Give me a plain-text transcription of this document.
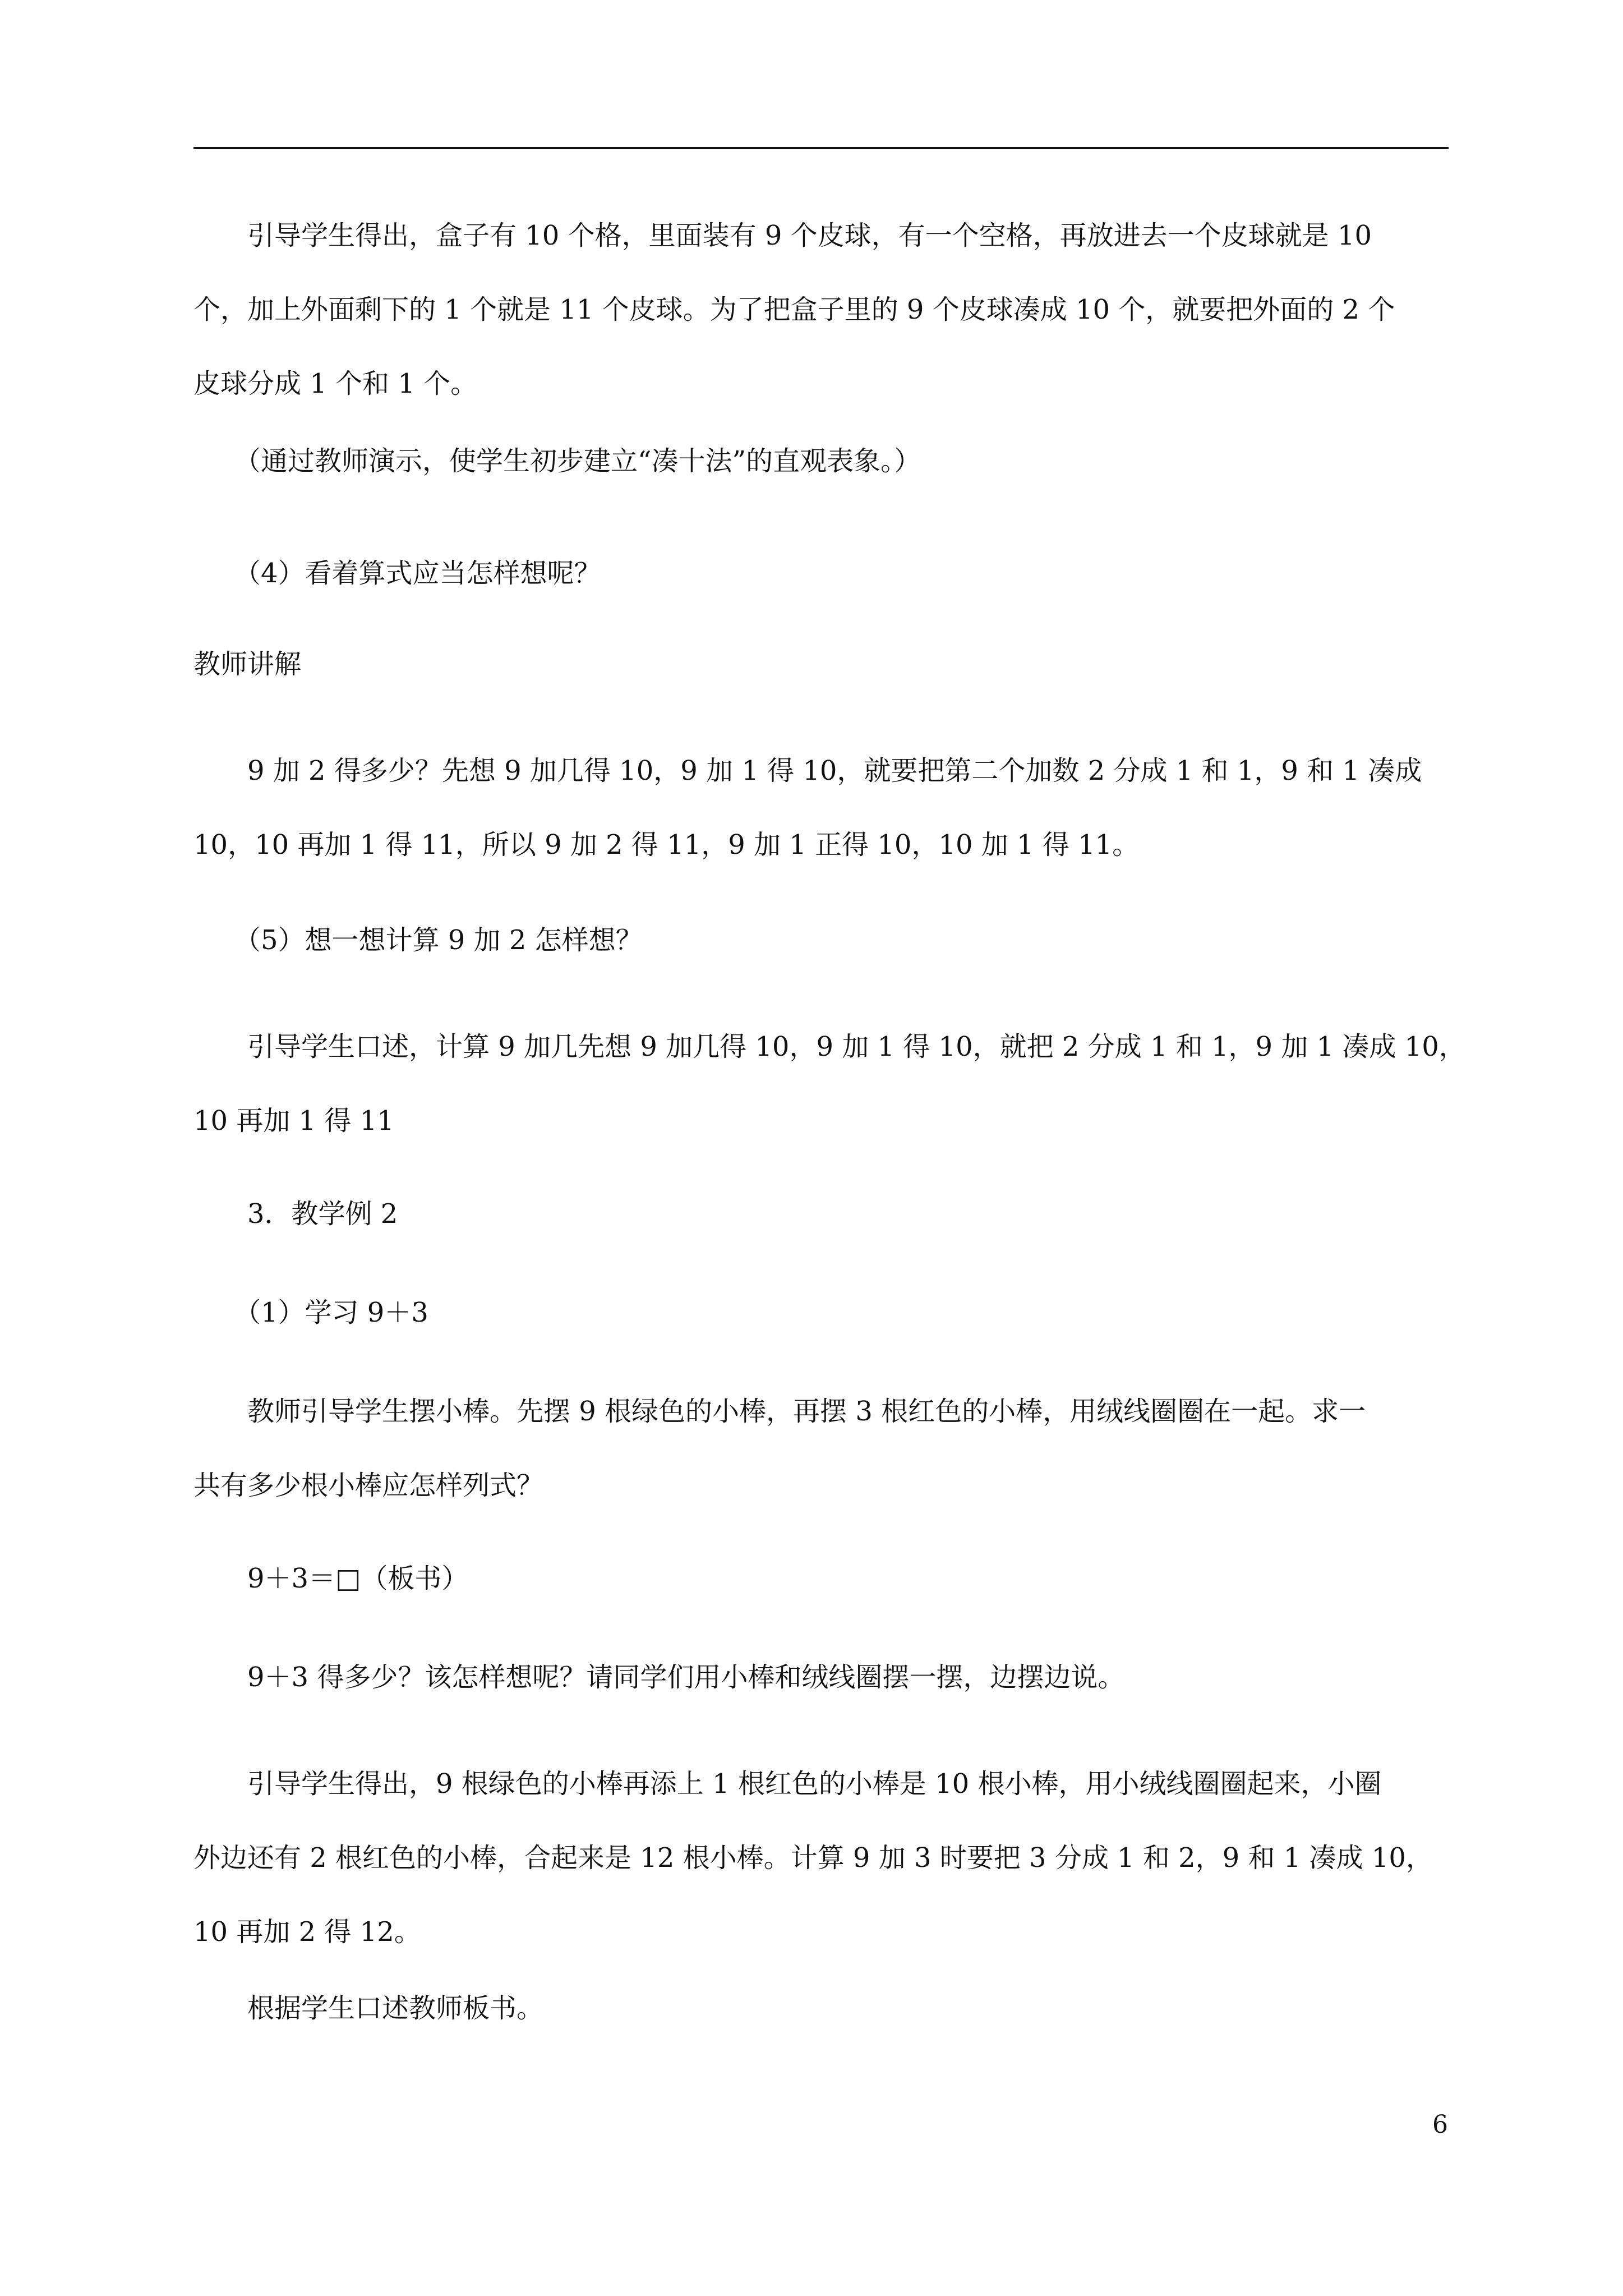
　　引导学生得出，盒子有 10 个格，里面装有 9 个皮球，有一个空格，再放进去一个皮球就是 10
个，加上外面剩下的 1 个就是 11 个皮球。为了把盒子里的 9 个皮球凑成 10 个，就要把外面的 2 个
皮球分成 1 个和 1 个。

　　（通过教师演示，使学生初步建立“凑十法”的直观表象。）

　　（4）看着算式应当怎样想呢？

教师讲解

　　9 加 2 得多少？先想 9 加几得 10，9 加 1 得 10，就要把第二个加数 2 分成 1 和 1，9 和 1 凑成
10，10 再加 1 得 11，所以 9 加 2 得 11，9 加 1 正得 10，10 加 1 得 11。

　　（5）想一想计算 9 加 2 怎样想？

　　引导学生口述，计算 9 加几先想 9 加几得 10，9 加 1 得 10，就把 2 分成 1 和 1，9 加 1 凑成 10，
10 再加 1 得 11

　　3．教学例 2

　　（1）学习 9＋3

　　教师引导学生摆小棒。先摆 9 根绿色的小棒，再摆 3 根红色的小棒，用绒线圈圈在一起。求一
共有多少根小棒应怎样列式？

　　9＋3＝□（板书）

　　9＋3 得多少？该怎样想呢？请同学们用小棒和绒线圈摆一摆，边摆边说。

　　引导学生得出，9 根绿色的小棒再添上 1 根红色的小棒是 10 根小棒，用小绒线圈圈起来，小圈
外边还有 2 根红色的小棒，合起来是 12 根小棒。计算 9 加 3 时要把 3 分成 1 和 2，9 和 1 凑成 10，
10 再加 2 得 12。

　　根据学生口述教师板书。

6
